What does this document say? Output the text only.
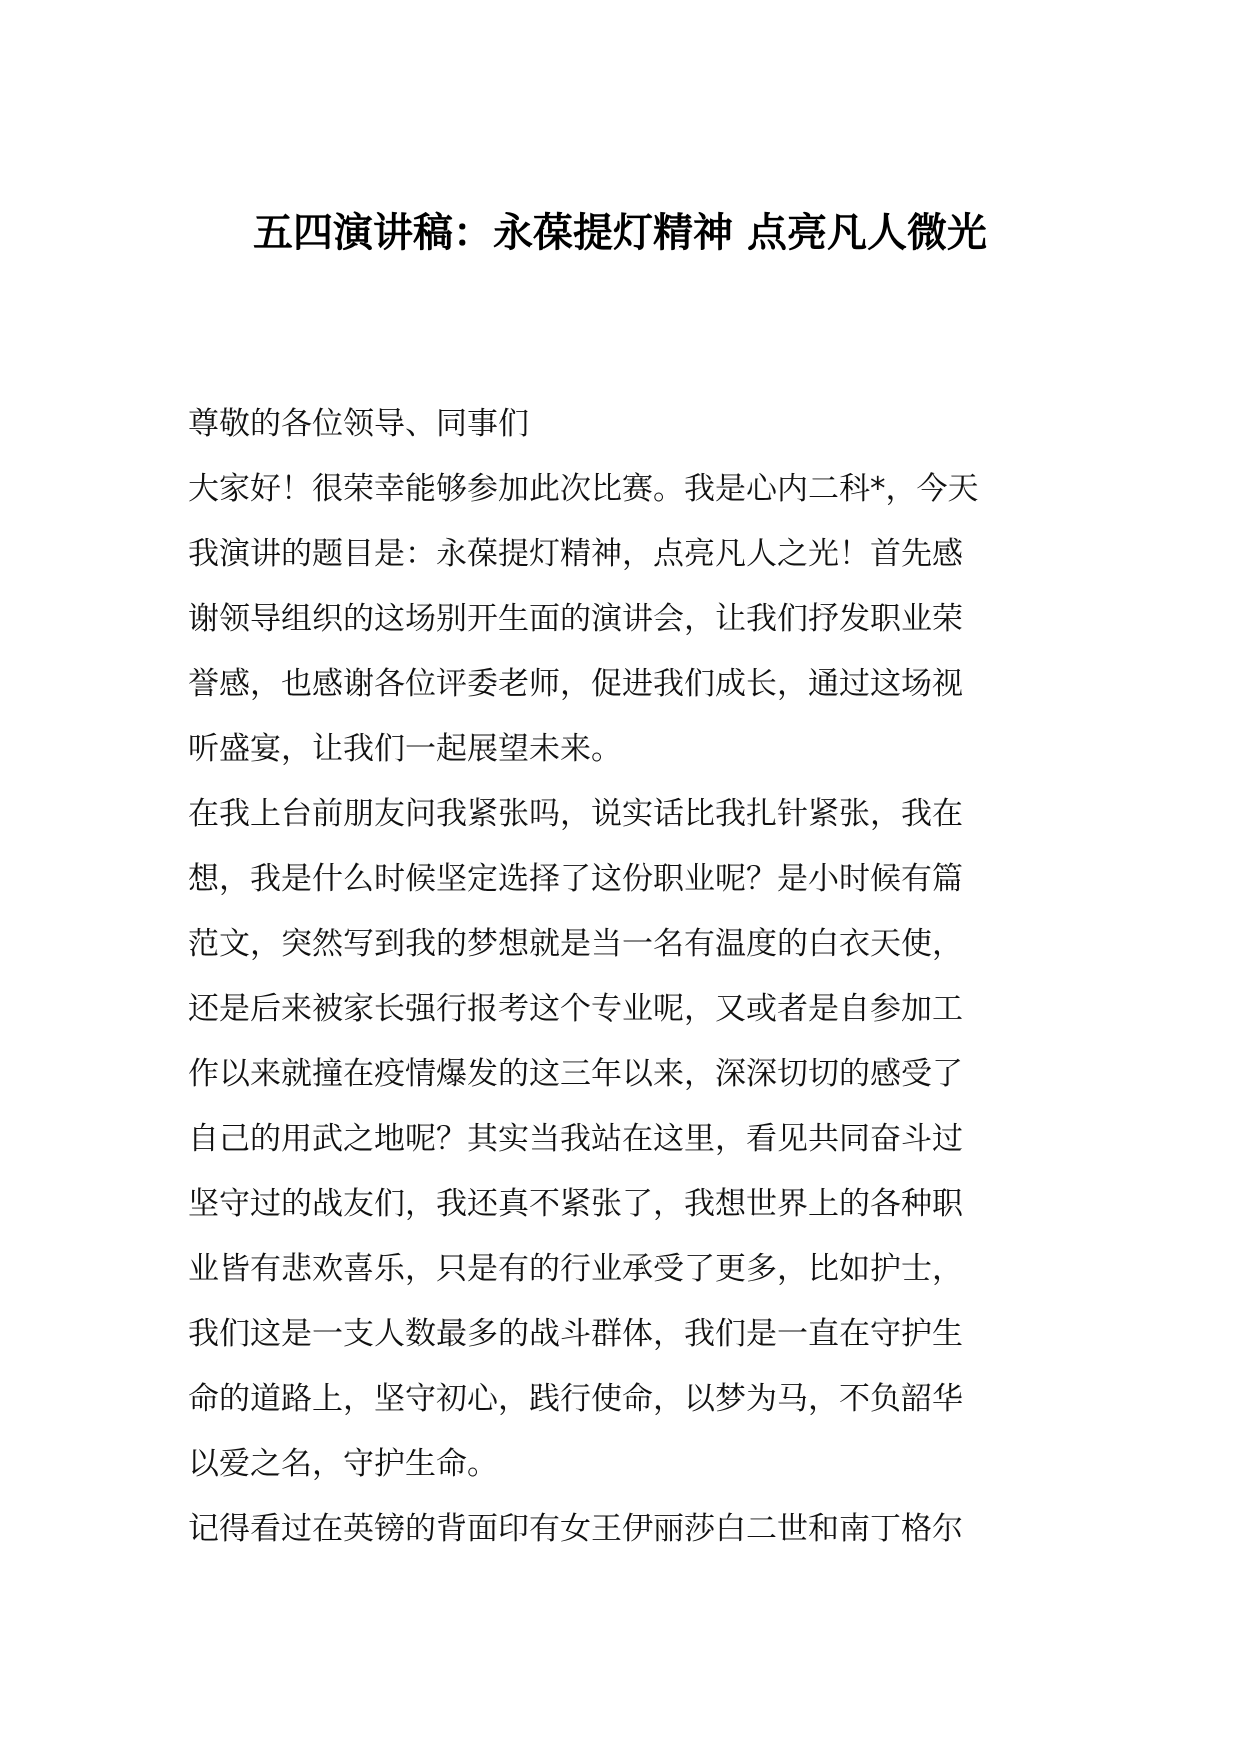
五四演讲稿：永葆提灯精神 点亮凡人微光
尊敬的各位领导、同事们
大家好！很荣幸能够参加此次比赛。我是心内二科*，今天
我演讲的题目是：永葆提灯精神，点亮凡人之光！首先感
谢领导组织的这场别开生面的演讲会，让我们抒发职业荣
誉感，也感谢各位评委老师，促进我们成长，通过这场视
听盛宴，让我们一起展望未来。
在我上台前朋友问我紧张吗，说实话比我扎针紧张，我在
想，我是什么时候坚定选择了这份职业呢？是小时候有篇
范文，突然写到我的梦想就是当一名有温度的白衣天使，
还是后来被家长强行报考这个专业呢，又或者是自参加工
作以来就撞在疫情爆发的这三年以来，深深切切的感受了
自己的用武之地呢？其实当我站在这里，看见共同奋斗过
坚守过的战友们，我还真不紧张了，我想世界上的各种职
业皆有悲欢喜乐，只是有的行业承受了更多，比如护士，
我们这是一支人数最多的战斗群体，我们是一直在守护生
命的道路上，坚守初心，践行使命，以梦为马，不负韶华
以爱之名，守护生命。
记得看过在英镑的背面印有女王伊丽莎白二世和南丁格尔
